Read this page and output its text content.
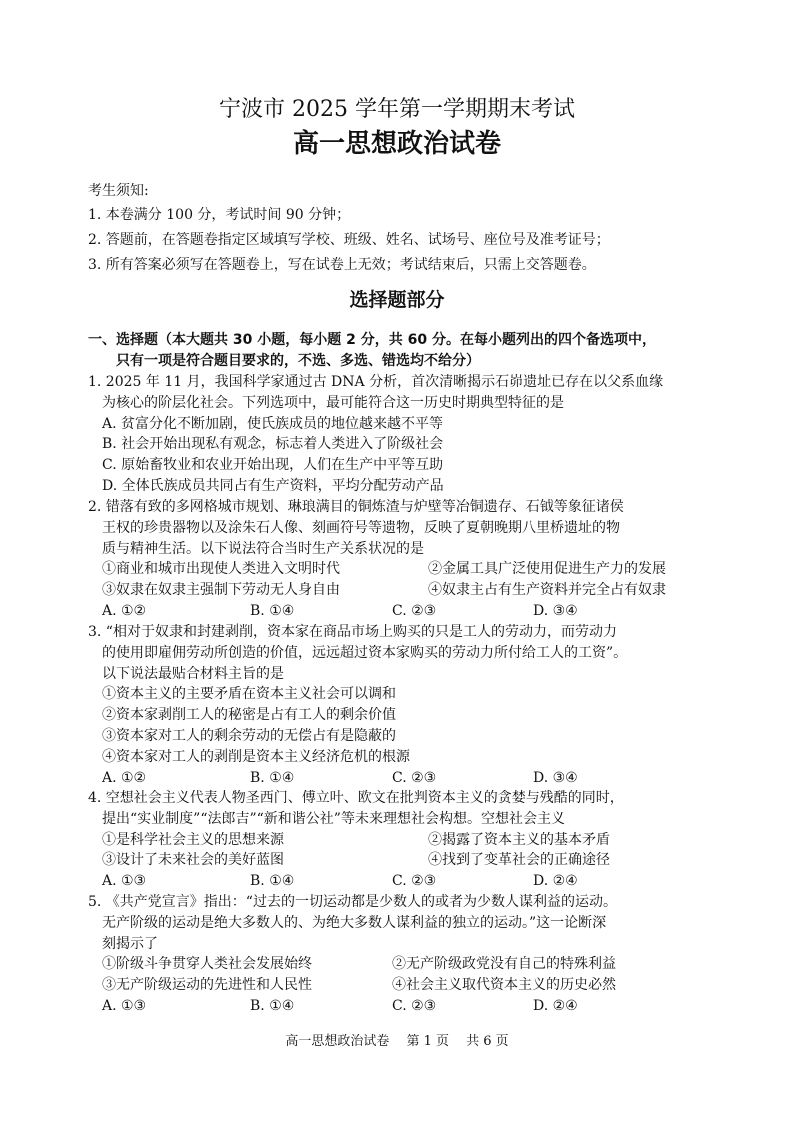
宁波市 2025 学年第一学期期末考试
高一思想政治试卷
考生须知:
1. 本卷满分 100 分，考试时间 90 分钟；
2. 答题前，在答题卷指定区域填写学校、班级、姓名、试场号、座位号及准考证号；
3. 所有答案必须写在答题卷上，写在试卷上无效；考试结束后，只需上交答题卷。
选择题部分
一、选择题（本大题共 30 小题，每小题 2 分，共 60 分。在每小题列出的四个备选项中，
只有一项是符合题目要求的，不选、多选、错选均不给分）
1. 2025 年 11 月，我国科学家通过古 DNA 分析，首次清晰揭示石峁遗址已存在以父系血缘
为核心的阶层化社会。下列选项中，最可能符合这一历史时期典型特征的是
A. 贫富分化不断加剧，使氏族成员的地位越来越不平等
B. 社会开始出现私有观念，标志着人类进入了阶级社会
C. 原始畜牧业和农业开始出现，人们在生产中平等互助
D. 全体氏族成员共同占有生产资料，平均分配劳动产品
2. 错落有致的多网格城市规划、琳琅满目的铜炼渣与炉壁等冶铜遗存、石钺等象征诸侯
王权的珍贵器物以及涂朱石人像、刻画符号等遗物，反映了夏朝晚期八里桥遗址的物
质与精神生活。以下说法符合当时生产关系状况的是
①商业和城市出现使人类进入文明时代	②金属工具广泛使用促进生产力的发展
③奴隶在奴隶主强制下劳动无人身自由	④奴隶主占有生产资料并完全占有奴隶
A. ①②	B. ①④	C. ②③	D. ③④
3. “相对于奴隶和封建剥削，资本家在商品市场上购买的只是工人的劳动力，而劳动力
的使用即雇佣劳动所创造的价值，远远超过资本家购买的劳动力所付给工人的工资”。
以下说法最贴合材料主旨的是
①资本主义的主要矛盾在资本主义社会可以调和
②资本家剥削工人的秘密是占有工人的剩余价值
③资本家对工人的剩余劳动的无偿占有是隐蔽的
④资本家对工人的剥削是资本主义经济危机的根源
A. ①②	B. ①④	C. ②③	D. ③④
4. 空想社会主义代表人物圣西门、傅立叶、欧文在批判资本主义的贪婪与残酷的同时，
提出“实业制度”“法郎吉”“新和谐公社”等未来理想社会构想。空想社会主义
①是科学社会主义的思想来源	②揭露了资本主义的基本矛盾
③设计了未来社会的美好蓝图	④找到了变革社会的正确途径
A. ①③	B. ①④	C. ②③	D. ②④
5. 《共产党宣言》指出：“过去的一切运动都是少数人的或者为少数人谋利益的运动。
无产阶级的运动是绝大多数人的、为绝大多数人谋利益的独立的运动。”这一论断深
刻揭示了
①阶级斗争贯穿人类社会发展始终	②无产阶级政党没有自己的特殊利益
③无产阶级运动的先进性和人民性	④社会主义取代资本主义的历史必然
A. ①③	B. ①④	C. ②③	D. ②④
高一思想政治试卷　 第 1 页　 共 6 页
